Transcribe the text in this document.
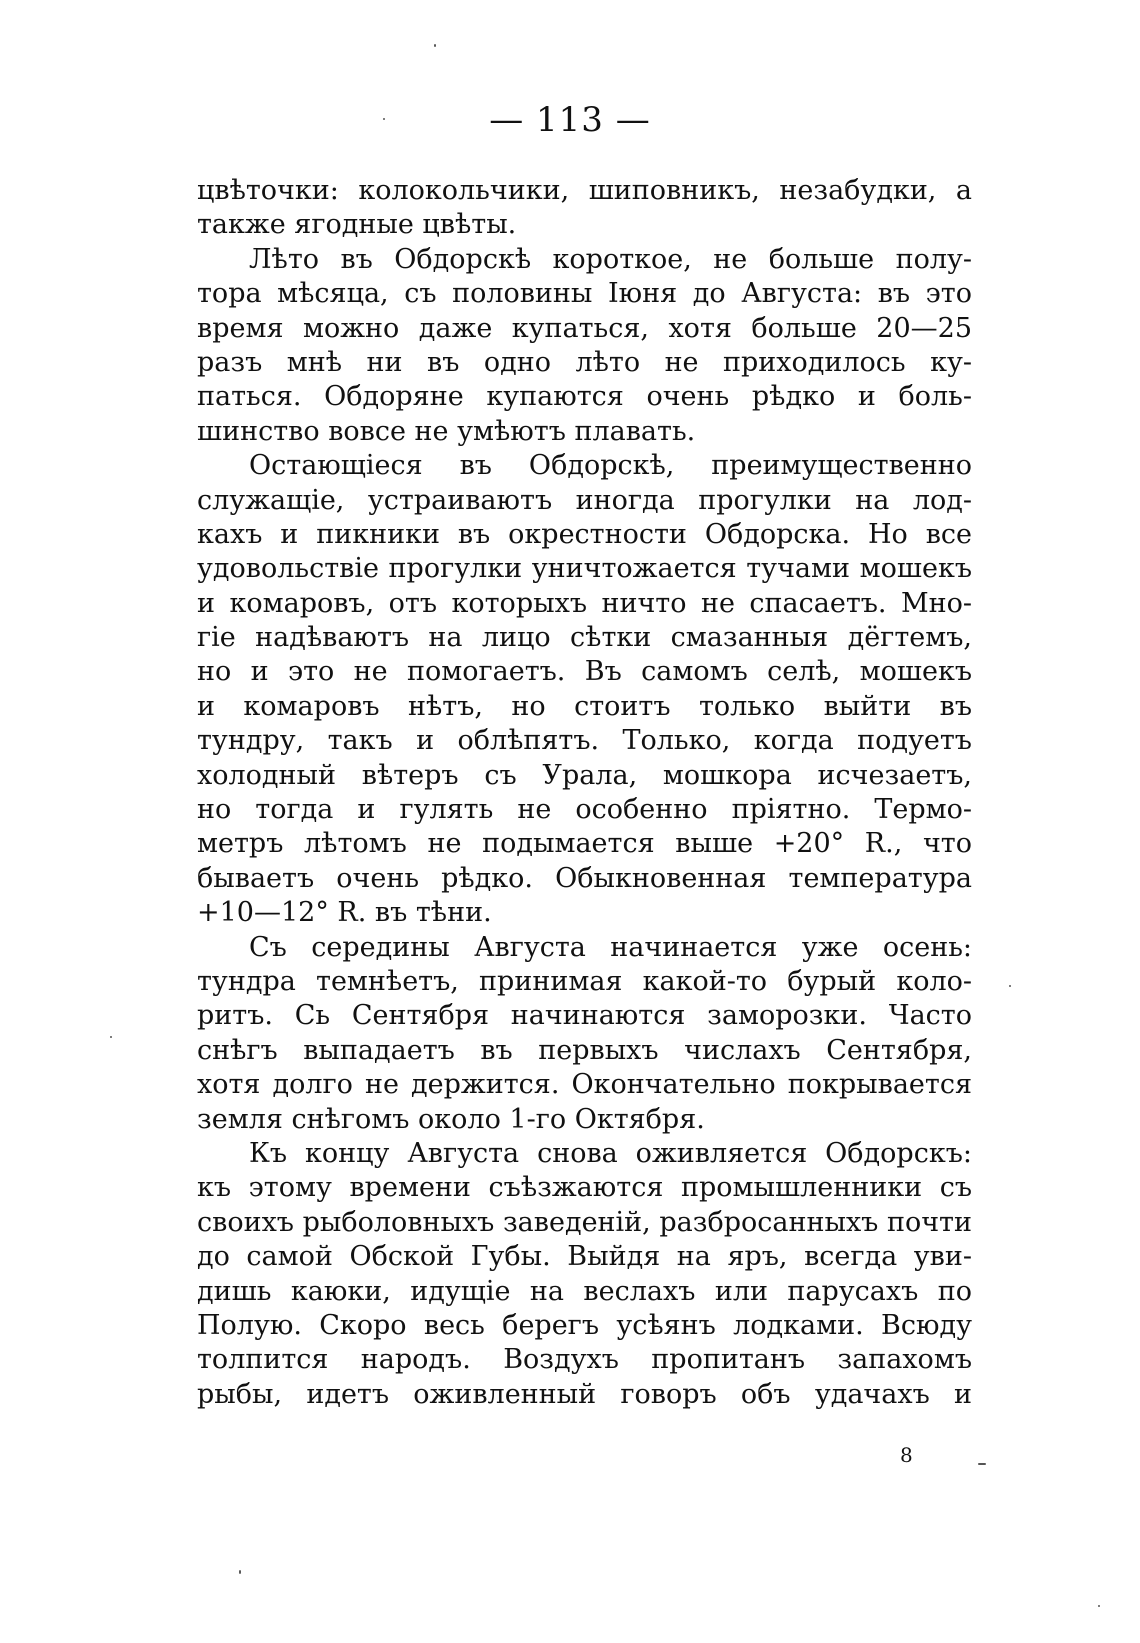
— 113 —
цвѣточки: колокольчики, шиповникъ, незабудки, а
также ягодные цвѣты.
Лѣто въ Обдорскѣ короткое, не больше полу-
тора мѣсяца, съ половины Іюня до Августа: въ это
время можно даже купаться, хотя больше 20—25
разъ мнѣ ни въ одно лѣто не приходилось ку-
паться. Обдоряне купаются очень рѣдко и боль-
шинство вовсе не умѣютъ плавать.
Остающіеся въ Обдорскѣ, преимущественно
служащіе, устраиваютъ иногда прогулки на лод-
кахъ и пикники въ окрестности Обдорска. Но все
удовольствіе прогулки уничтожается тучами мошекъ
и комаровъ, отъ которыхъ ничто не спасаетъ. Мно-
гіе надѣваютъ на лицо сѣтки смазанныя дёгтемъ,
но и это не помогаетъ. Въ самомъ селѣ, мошекъ
и комаровъ нѣтъ, но стоитъ только выйти въ
тундру, такъ и облѣпятъ. Только, когда подуетъ
холодный вѣтеръ съ Урала, мошкора исчезаетъ,
но тогда и гулять не особенно пріятно. Термо-
метръ лѣтомъ не подымается выше +20° R., что
бываетъ очень рѣдко. Обыкновенная температура
+10—12° R. въ тѣни.
Съ середины Августа начинается уже осень:
тундра темнѣетъ, принимая какой-то бурый коло-
ритъ. Сь Сентября начинаются заморозки. Часто
снѣгъ выпадаетъ въ первыхъ числахъ Сентября,
хотя долго не держится. Окончательно покрывается
земля снѣгомъ около 1-го Октября.
Къ концу Августа снова оживляется Обдорскъ:
къ этому времени съѣзжаются промышленники съ
своихъ рыболовныхъ заведеній, разбросанныхъ почти
до самой Обской Губы. Выйдя на яръ, всегда уви-
дишь каюки, идущіе на веслахъ или парусахъ по
Полую. Скоро весь берегъ усѣянъ лодками. Всюду
толпится народъ. Воздухъ пропитанъ запахомъ
рыбы, идетъ оживленный говоръ объ удачахъ и
8
